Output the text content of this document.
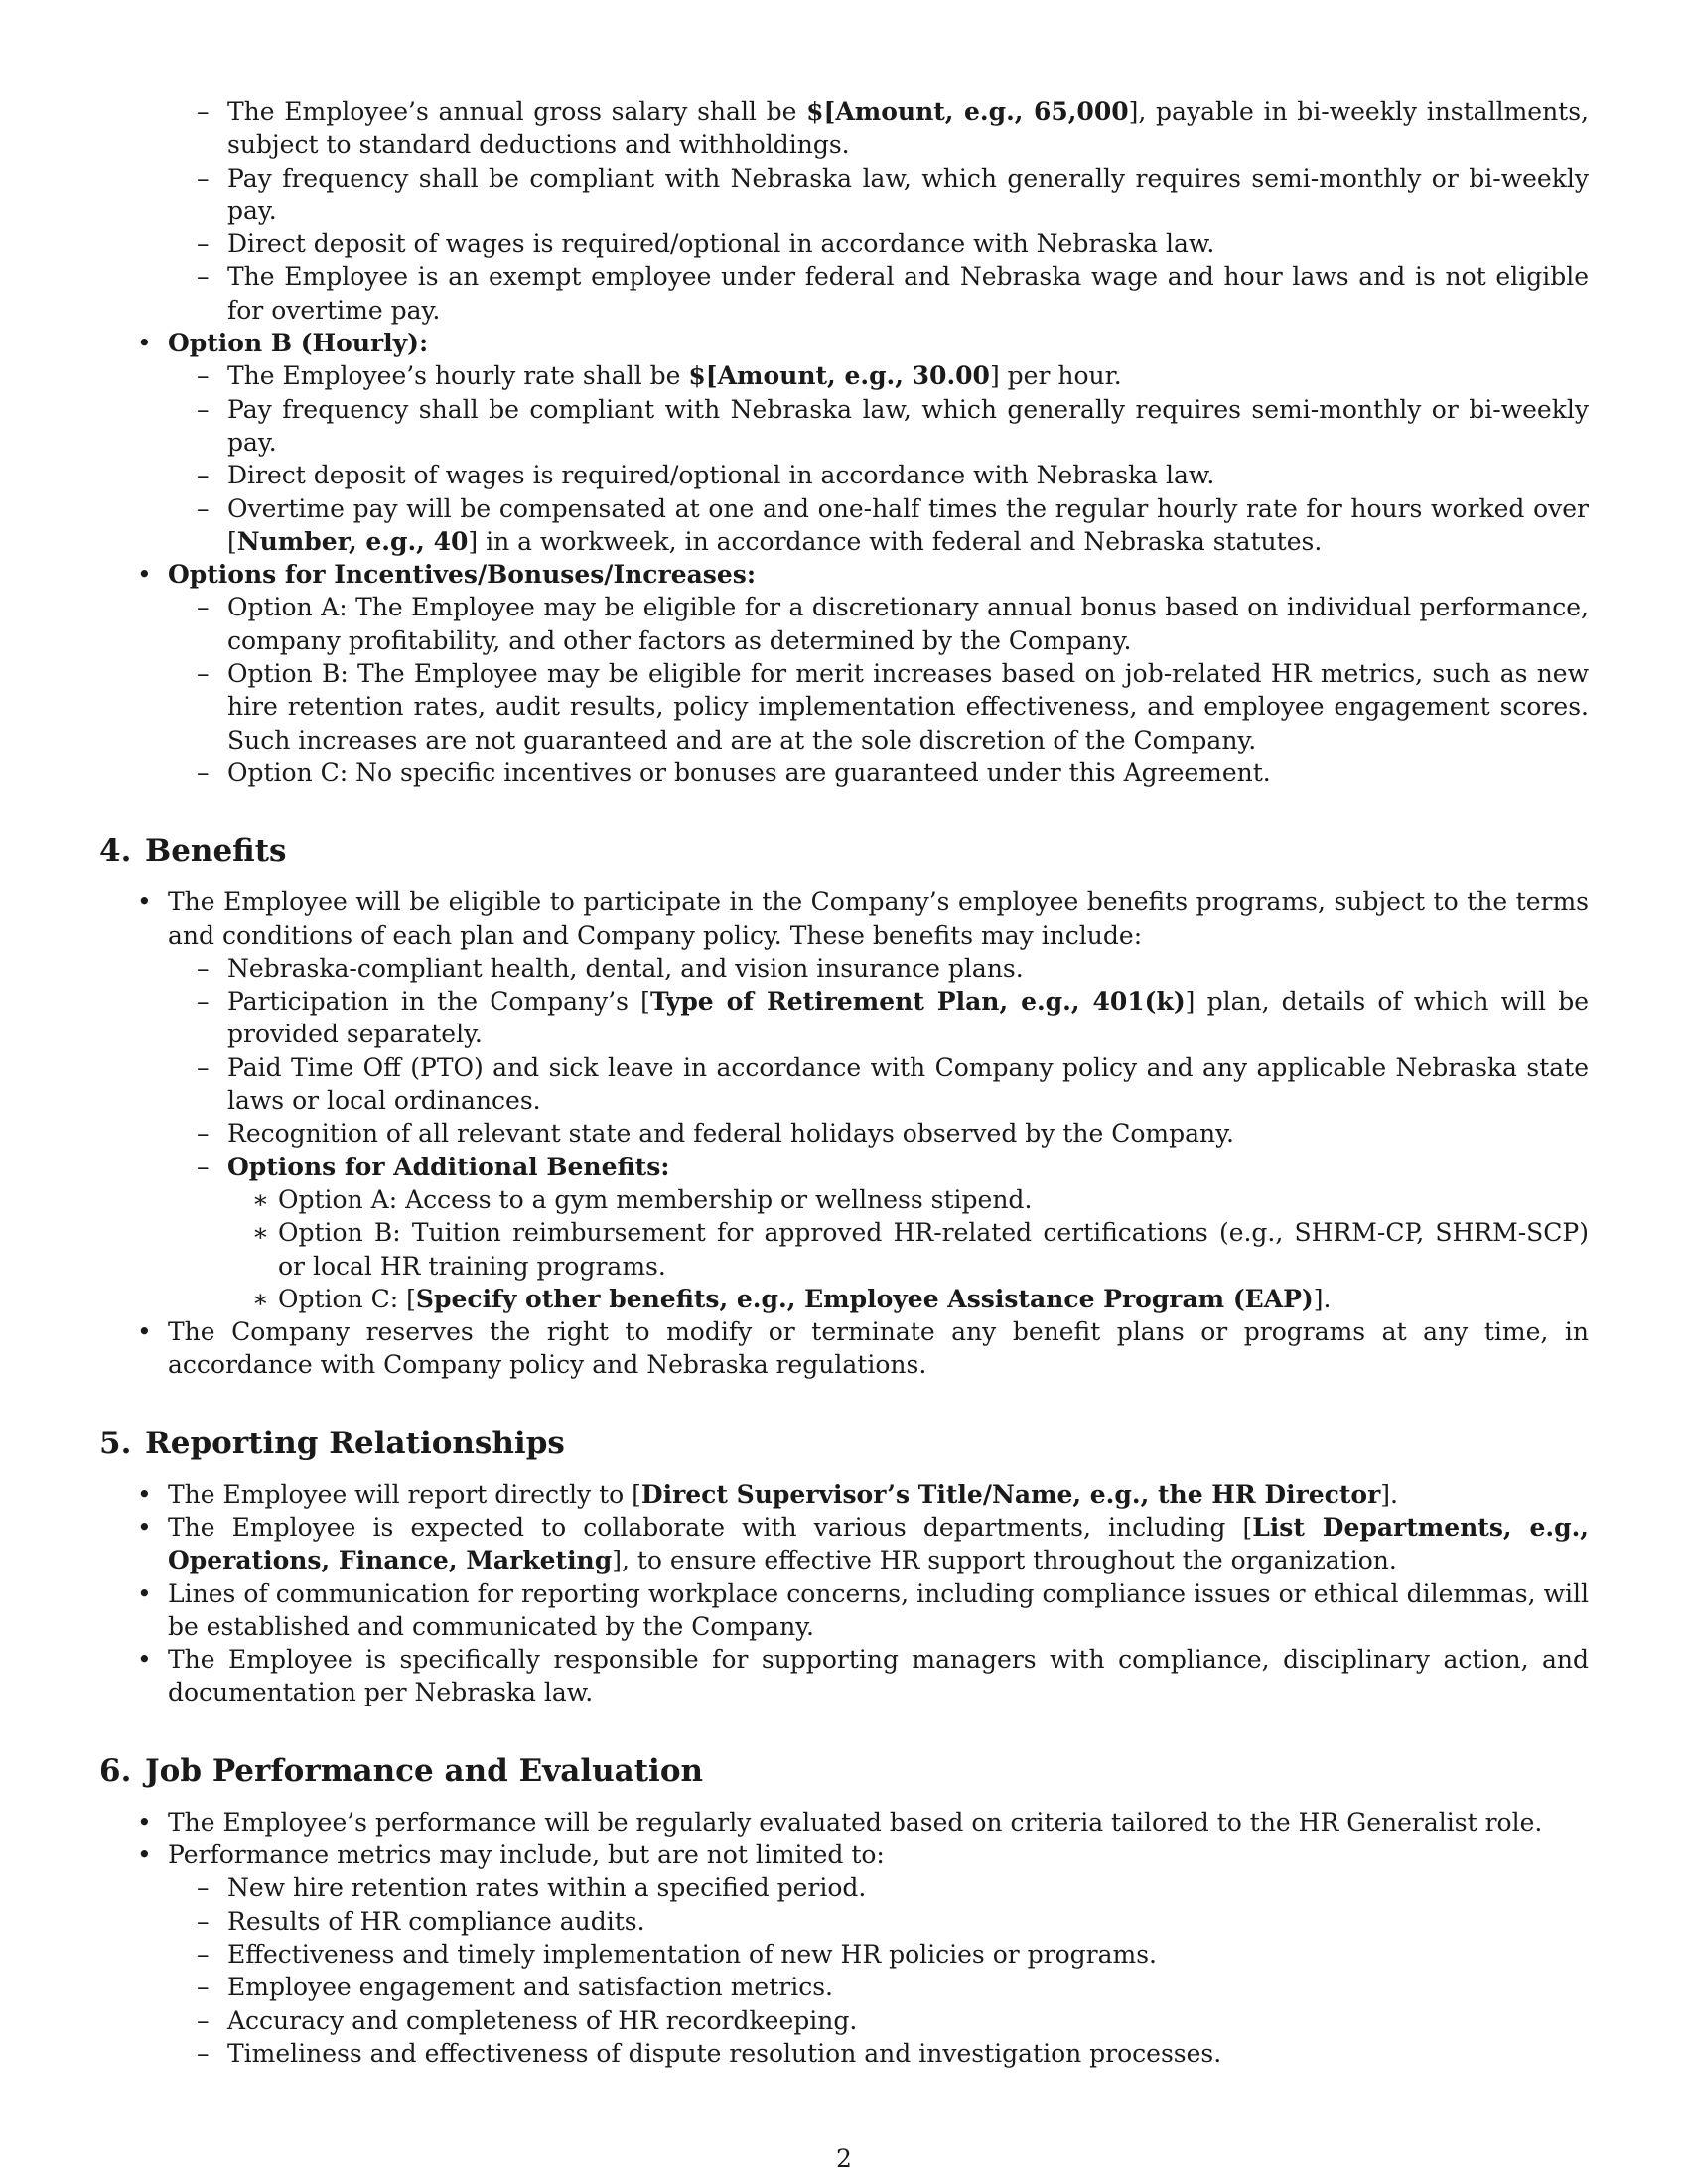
– The Employee’s annual gross salary shall be $[Amount, e.g., 65,000], payable in bi-weekly installments, subject to standard deductions and withholdings.
– Pay frequency shall be compliant with Nebraska law, which generally requires semi-monthly or bi-weekly pay.
– Direct deposit of wages is required/optional in accordance with Nebraska law.
– The Employee is an exempt employee under federal and Nebraska wage and hour laws and is not eligible for overtime pay.
• Option B (Hourly):
– The Employee’s hourly rate shall be $[Amount, e.g., 30.00] per hour.
– Pay frequency shall be compliant with Nebraska law, which generally requires semi-monthly or bi-weekly pay.
– Direct deposit of wages is required/optional in accordance with Nebraska law.
– Overtime pay will be compensated at one and one-half times the regular hourly rate for hours worked over [Number, e.g., 40] in a workweek, in accordance with federal and Nebraska statutes.
• Options for Incentives/Bonuses/Increases:
– Option A: The Employee may be eligible for a discretionary annual bonus based on individual performance, company profitability, and other factors as determined by the Company.
– Option B: The Employee may be eligible for merit increases based on job-related HR metrics, such as new hire retention rates, audit results, policy implementation effectiveness, and employee engagement scores. Such increases are not guaranteed and are at the sole discretion of the Company.
– Option C: No specific incentives or bonuses are guaranteed under this Agreement.
4. Benefits
• The Employee will be eligible to participate in the Company’s employee benefits programs, subject to the terms and conditions of each plan and Company policy. These benefits may include:
– Nebraska-compliant health, dental, and vision insurance plans.
– Participation in the Company’s [Type of Retirement Plan, e.g., 401(k)] plan, details of which will be provided separately.
– Paid Time Off (PTO) and sick leave in accordance with Company policy and any applicable Nebraska state laws or local ordinances.
– Recognition of all relevant state and federal holidays observed by the Company.
– Options for Additional Benefits:
∗ Option A: Access to a gym membership or wellness stipend.
∗ Option B: Tuition reimbursement for approved HR-related certifications (e.g., SHRM-CP, SHRM-SCP) or local HR training programs.
∗ Option C: [Specify other benefits, e.g., Employee Assistance Program (EAP)].
• The Company reserves the right to modify or terminate any benefit plans or programs at any time, in accordance with Company policy and Nebraska regulations.
5. Reporting Relationships
• The Employee will report directly to [Direct Supervisor’s Title/Name, e.g., the HR Director].
• The Employee is expected to collaborate with various departments, including [List Departments, e.g., Operations, Finance, Marketing], to ensure effective HR support throughout the organization.
• Lines of communication for reporting workplace concerns, including compliance issues or ethical dilemmas, will be established and communicated by the Company.
• The Employee is specifically responsible for supporting managers with compliance, disciplinary action, and documentation per Nebraska law.
6. Job Performance and Evaluation
• The Employee’s performance will be regularly evaluated based on criteria tailored to the HR Generalist role.
• Performance metrics may include, but are not limited to:
– New hire retention rates within a specified period.
– Results of HR compliance audits.
– Effectiveness and timely implementation of new HR policies or programs.
– Employee engagement and satisfaction metrics.
– Accuracy and completeness of HR recordkeeping.
– Timeliness and effectiveness of dispute resolution and investigation processes.
2
